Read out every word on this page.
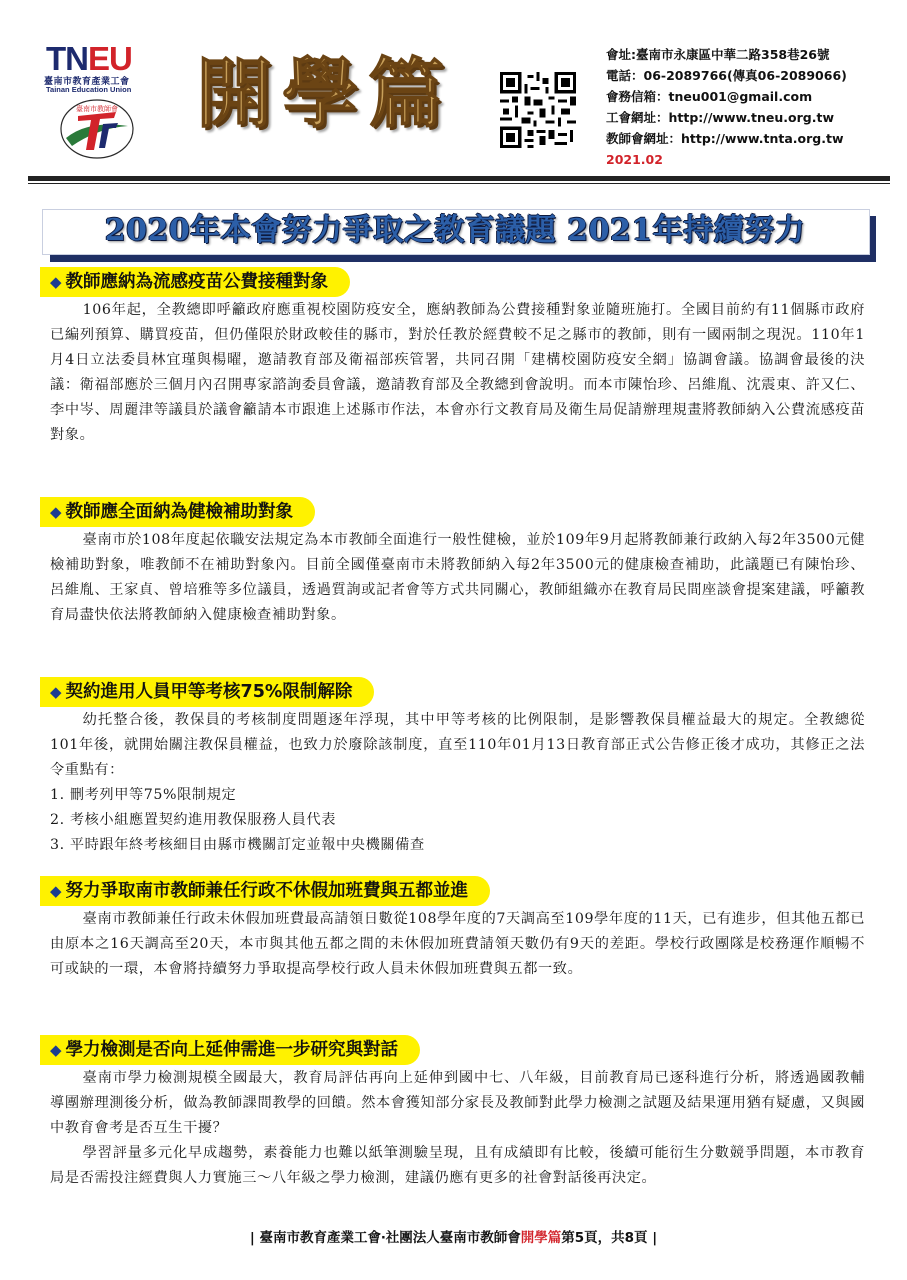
TNEU
臺南市教育產業工會
Tainan Education Union
臺南市教師會 開學篇	會址:臺南市永康區中華二路358巷26號
電話：06-2089766(傳真06-2089066)
會務信箱：tneu001@gmail.com
工會網址：http://www.tneu.org.tw
教師會網址：http://www.tnta.org.tw
2021.02
2020年本會努力爭取之教育議題 2021年持續努力
◆ 教師應納為流感疫苗公費接種對象

106年起，全教總即呼籲政府應重視校園防疫安全，應納教師為公費接種對象並隨班施打。全國目前約有11個縣市政府已編列預算、購買疫苗，但仍僅限於財政較佳的縣市，對於任教於經費較不足之縣市的教師，則有一國兩制之現況。110年1月4日立法委員林宜瑾與楊曜，邀請教育部及衛福部疾管署，共同召開「建構校園防疫安全網」協調會議。協調會最後的決議：衛福部應於三個月內召開專家諮詢委員會議，邀請教育部及全教總到會說明。而本市陳怡珍、呂維胤、沈震東、許又仁、李中岑、周麗津等議員於議會籲請本市跟進上述縣市作法，本會亦行文教育局及衛生局促請辦理規畫將教師納入公費流感疫苗對象。

◆ 教師應全面納為健檢補助對象

臺南市於108年度起依職安法規定為本市教師全面進行一般性健檢，並於109年9月起將教師兼行政納入每2年3500元健檢補助對象，唯教師不在補助對象內。目前全國僅臺南市未將教師納入每2年3500元的健康檢查補助，此議題已有陳怡珍、呂維胤、王家貞、曾培雅等多位議員，透過質詢或記者會等方式共同關心，教師組織亦在教育局民間座談會提案建議，呼籲教育局盡快依法將教師納入健康檢查補助對象。

◆ 契約進用人員甲等考核75%限制解除

幼托整合後，教保員的考核制度問題逐年浮現，其中甲等考核的比例限制，是影響教保員權益最大的規定。全教總從101年後，就開始關注教保員權益，也致力於廢除該制度，直至110年01月13日教育部正式公告修正後才成功，其修正之法令重點有：

1. 刪考列甲等75%限制規定
2. 考核小組應置契約進用教保服務人員代表
3. 平時跟年終考核細目由縣市機關訂定並報中央機關備查
◆ 努力爭取南市教師兼任行政不休假加班費與五都並進

臺南市教師兼任行政未休假加班費最高請領日數從108學年度的7天調高至109學年度的11天，已有進步，但其他五都已由原本之16天調高至20天，本市與其他五都之間的未休假加班費請領天數仍有9天的差距。學校行政團隊是校務運作順暢不可或缺的一環，本會將持續努力爭取提高學校行政人員未休假加班費與五都一致。

◆ 學力檢測是否向上延伸需進一步研究與對話

臺南市學力檢測規模全國最大，教育局評估再向上延伸到國中七、八年級，目前教育局已逐科進行分析，將透過國教輔導團辦理測後分析，做為教師課間教學的回饋。然本會獲知部分家長及教師對此學力檢測之試題及結果運用猶有疑慮，又與國中教育會考是否互生干擾？

學習評量多元化早成趨勢，素養能力也難以紙筆測驗呈現，且有成績即有比較，後續可能衍生分數競爭問題，本市教育局是否需投注經費與人力實施三～八年級之學力檢測，建議仍應有更多的社會對話後再決定。

| 臺南市教育產業工會‧社團法人臺南市教師會開學篇第5頁，共8頁 |
